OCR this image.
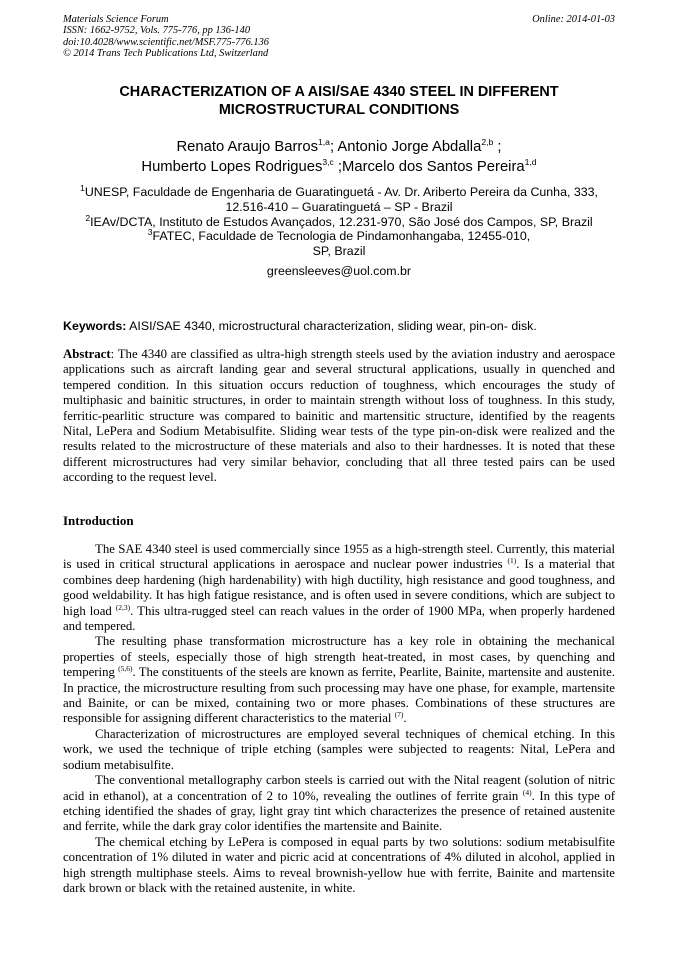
Materials Science Forum
ISSN: 1662-9752, Vols. 775-776, pp 136-140
doi:10.4028/www.scientific.net/MSF.775-776.136
© 2014 Trans Tech Publications Ltd, Switzerland
Online: 2014-01-03
CHARACTERIZATION OF A AISI/SAE 4340 STEEL IN DIFFERENT
MICROSTRUCTURAL CONDITIONS
Renato Araujo Barros$^{1,a}$; Antonio Jorge Abdalla$^{2,b}$ ;
Humberto Lopes Rodrigues$^{3,c}$ ;Marcelo dos Santos Pereira$^{1,d}$
$^1$UNESP, Faculdade de Engenharia de Guaratinguetá - Av. Dr. Ariberto Pereira da Cunha, 333,
12.516-410 – Guaratinguetá – SP - Brazil
$^2$IEAv/DCTA, Instituto de Estudos Avançados, 12.231-970, São José dos Campos, SP, Brazil
$^3$FATEC, Faculdade de Tecnologia de Pindamonhangaba, 12455-010,
SP, Brazil
greensleeves@uol.com.br
Keywords: AISI/SAE 4340, microstructural characterization, sliding wear, pin-on- disk.
Abstract: The 4340 are classified as ultra-high strength steels used by the aviation industry and aerospace applications such as aircraft landing gear and several structural applications, usually in quenched and tempered condition. In this situation occurs reduction of toughness, which encourages the study of multiphasic and bainitic structures, in order to maintain strength without loss of toughness. In this study, ferritic-pearlitic structure was compared to bainitic and martensitic structure, identified by the reagents Nital, LePera and Sodium Metabisulfite. Sliding wear tests of the type pin-on-disk were realized and the results related to the microstructure of these materials and also to their hardnesses. It is noted that these different microstructures had very similar behavior, concluding that all three tested pairs can be used according to the request level.
Introduction

The SAE 4340 steel is used commercially since 1955 as a high-strength steel. Currently, this material is used in critical structural applications in aerospace and nuclear power industries $^{(1)}$. Is a material that combines deep hardening (high hardenability) with high ductility, high resistance and good toughness, and good weldability. It has high fatigue resistance, and is often used in severe conditions, which are subject to high load $^{(2,3)}$. This ultra-rugged steel can reach values in the order of 1900 MPa, when properly hardened and tempered.

The resulting phase transformation microstructure has a key role in obtaining the mechanical properties of steels, especially those of high strength heat-treated, in most cases, by quenching and tempering $^{(5,6)}$. The constituents of the steels are known as ferrite, Pearlite, Bainite, martensite and austenite. In practice, the microstructure resulting from such processing may have one phase, for example, martensite and Bainite, or can be mixed, containing two or more phases. Combinations of these structures are responsible for assigning different characteristics to the material $^{(7)}$.

Characterization of microstructures are employed several techniques of chemical etching. In this work, we used the technique of triple etching (samples were subjected to reagents: Nital, LePera and sodium metabisulfite.

The conventional metallography carbon steels is carried out with the Nital reagent (solution of nitric acid in ethanol), at a concentration of 2 to 10%, revealing the outlines of ferrite grain $^{(4)}$. In this type of etching identified the shades of gray, light gray tint which characterizes the presence of retained austenite and ferrite, while the dark gray color identifies the martensite and Bainite.

The chemical etching by LePera is composed in equal parts by two solutions: sodium metabisulfite concentration of 1% diluted in water and picric acid at concentrations of 4% diluted in alcohol, applied in high strength multiphase steels. Aims to reveal brownish-yellow hue with ferrite, Bainite and martensite dark brown or black with the retained austenite, in white.
